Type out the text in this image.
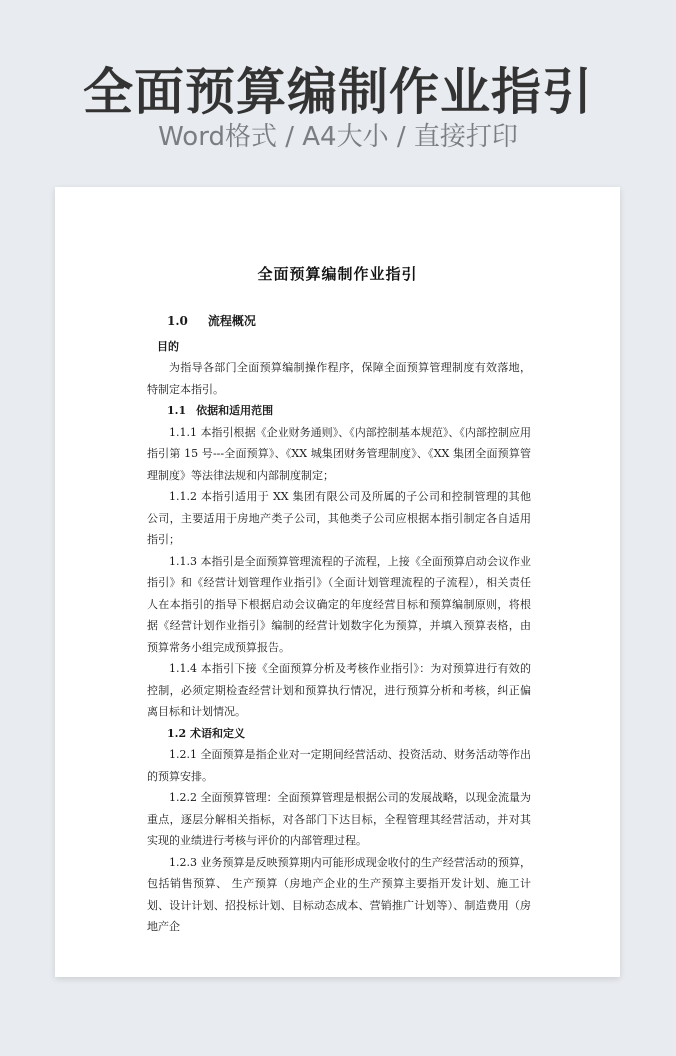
全面预算编制作业指引
Word格式 / A4大小 / 直接打印
全面预算编制作业指引

1.0 流程概况

目的

为指导各部门全面预算编制操作程序，保障全面预算管理制度有效落地，特制定本指引。

1.1 依据和适用范围

1.1.1 本指引根据《企业财务通则》、《内部控制基本规范》、《内部控制应用指引第 15 号---全面预算》、《XX 城集团财务管理制度》、《XX 集团全面预算管理制度》等法律法规和内部制度制定；

1.1.2 本指引适用于 XX 集团有限公司及所属的子公司和控制管理的其他公司，主要适用于房地产类子公司，其他类子公司应根据本指引制定各自适用指引；

1.1.3 本指引是全面预算管理流程的子流程，上接《全面预算启动会议作业指引》和《经营计划管理作业指引》（全面计划管理流程的子流程），相关责任人在本指引的指导下根据启动会议确定的年度经营目标和预算编制原则，将根据《经营计划作业指引》编制的经营计划数字化为预算，并填入预算表格，由预算常务小组完成预算报告。

1.1.4 本指引下接《全面预算分析及考核作业指引》：为对预算进行有效的控制，必须定期检查经营计划和预算执行情况，进行预算分析和考核，纠正偏离目标和计划情况。

1.2 术语和定义

1.2.1 全面预算是指企业对一定期间经营活动、投资活动、财务活动等作出的预算安排。

1.2.2 全面预算管理：全面预算管理是根据公司的发展战略，以现金流量为重点，逐层分解相关指标，对各部门下达目标，全程管理其经营活动，并对其实现的业绩进行考核与评价的内部管理过程。

1.2.3 业务预算是反映预算期内可能形成现金收付的生产经营活动的预算，包括销售预算、 生产预算（房地产企业的生产预算主要指开发计划、施工计划、设计计划、招投标计划、目标动态成本、营销推广计划等）、制造费用（房地产企
